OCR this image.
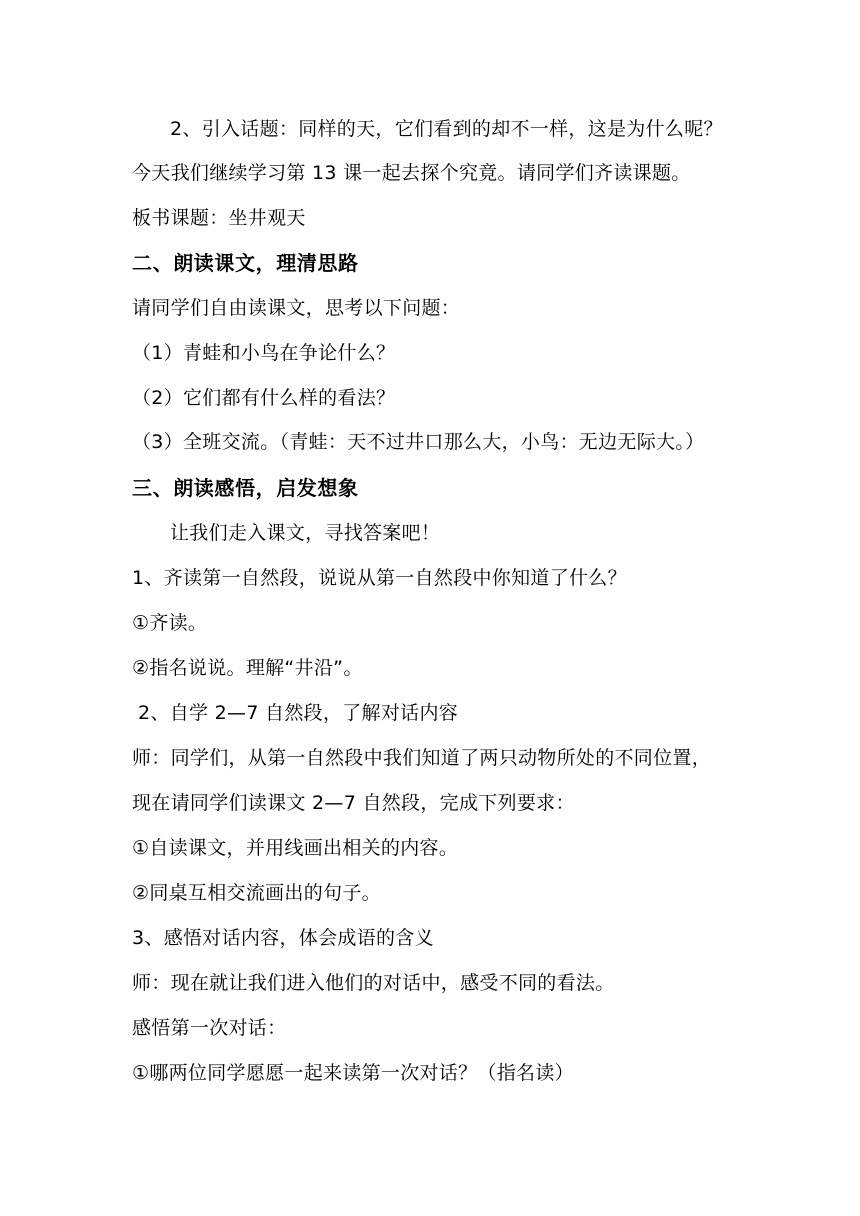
2、引入话题：同样的天，它们看到的却不一样，这是为什么呢？
今天我们继续学习第 13 课一起去探个究竟。请同学们齐读课题。
板书课题：坐井观天
二、朗读课文，理清思路
请同学们自由读课文，思考以下问题：
（1）青蛙和小鸟在争论什么？
（2）它们都有什么样的看法？
（3）全班交流。（青蛙：天不过井口那么大，小鸟：无边无际大。）
三、朗读感悟，启发想象
让我们走入课文，寻找答案吧！
1、齐读第一自然段，说说从第一自然段中你知道了什么？
①齐读。
②指名说说。理解“井沿”。
2、自学 2—7 自然段，了解对话内容
师：同学们，从第一自然段中我们知道了两只动物所处的不同位置，
现在请同学们读课文 2—7 自然段，完成下列要求：
①自读课文，并用线画出相关的内容。
②同桌互相交流画出的句子。
3、感悟对话内容，体会成语的含义
师：现在就让我们进入他们的对话中，感受不同的看法。
感悟第一次对话：
①哪两位同学愿愿一起来读第一次对话？（指名读）
